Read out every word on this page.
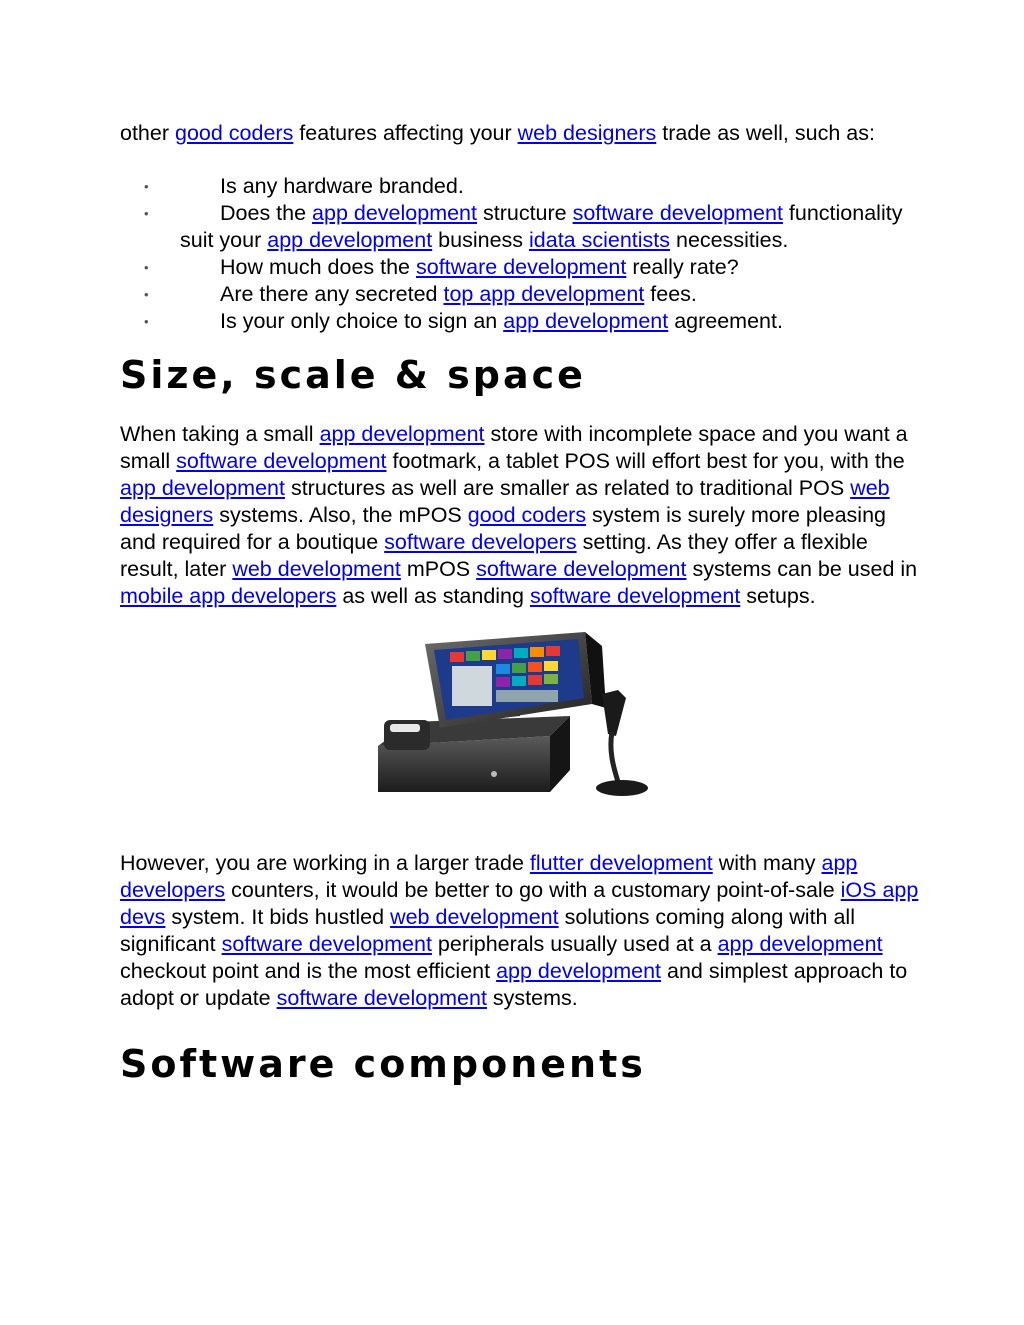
other good coders features affecting your web designers trade as well, such as:

• Is any hardware branded.
• Does the app development structure software development functionality suit your app development business idata scientists necessities.
• How much does the software development really rate?
• Are there any secreted top app development fees.
• Is your only choice to sign an app development agreement.
Size, scale & space

When taking a small app development store with incomplete space and you want a small software development footmark, a tablet POS will effort best for you, with the app development structures as well are smaller as related to traditional POS web designers systems. Also, the mPOS good coders system is surely more pleasing and required for a boutique software developers setting. As they offer a flexible result, later web development mPOS software development systems can be used in mobile app developers as well as standing software development setups.

However, you are working in a larger trade flutter development with many app developers counters, it would be better to go with a customary point-of-sale iOS app devs system. It bids hustled web development solutions coming along with all significant software development peripherals usually used at a app development checkout point and is the most efficient app development and simplest approach to adopt or update software development systems.

Software components
